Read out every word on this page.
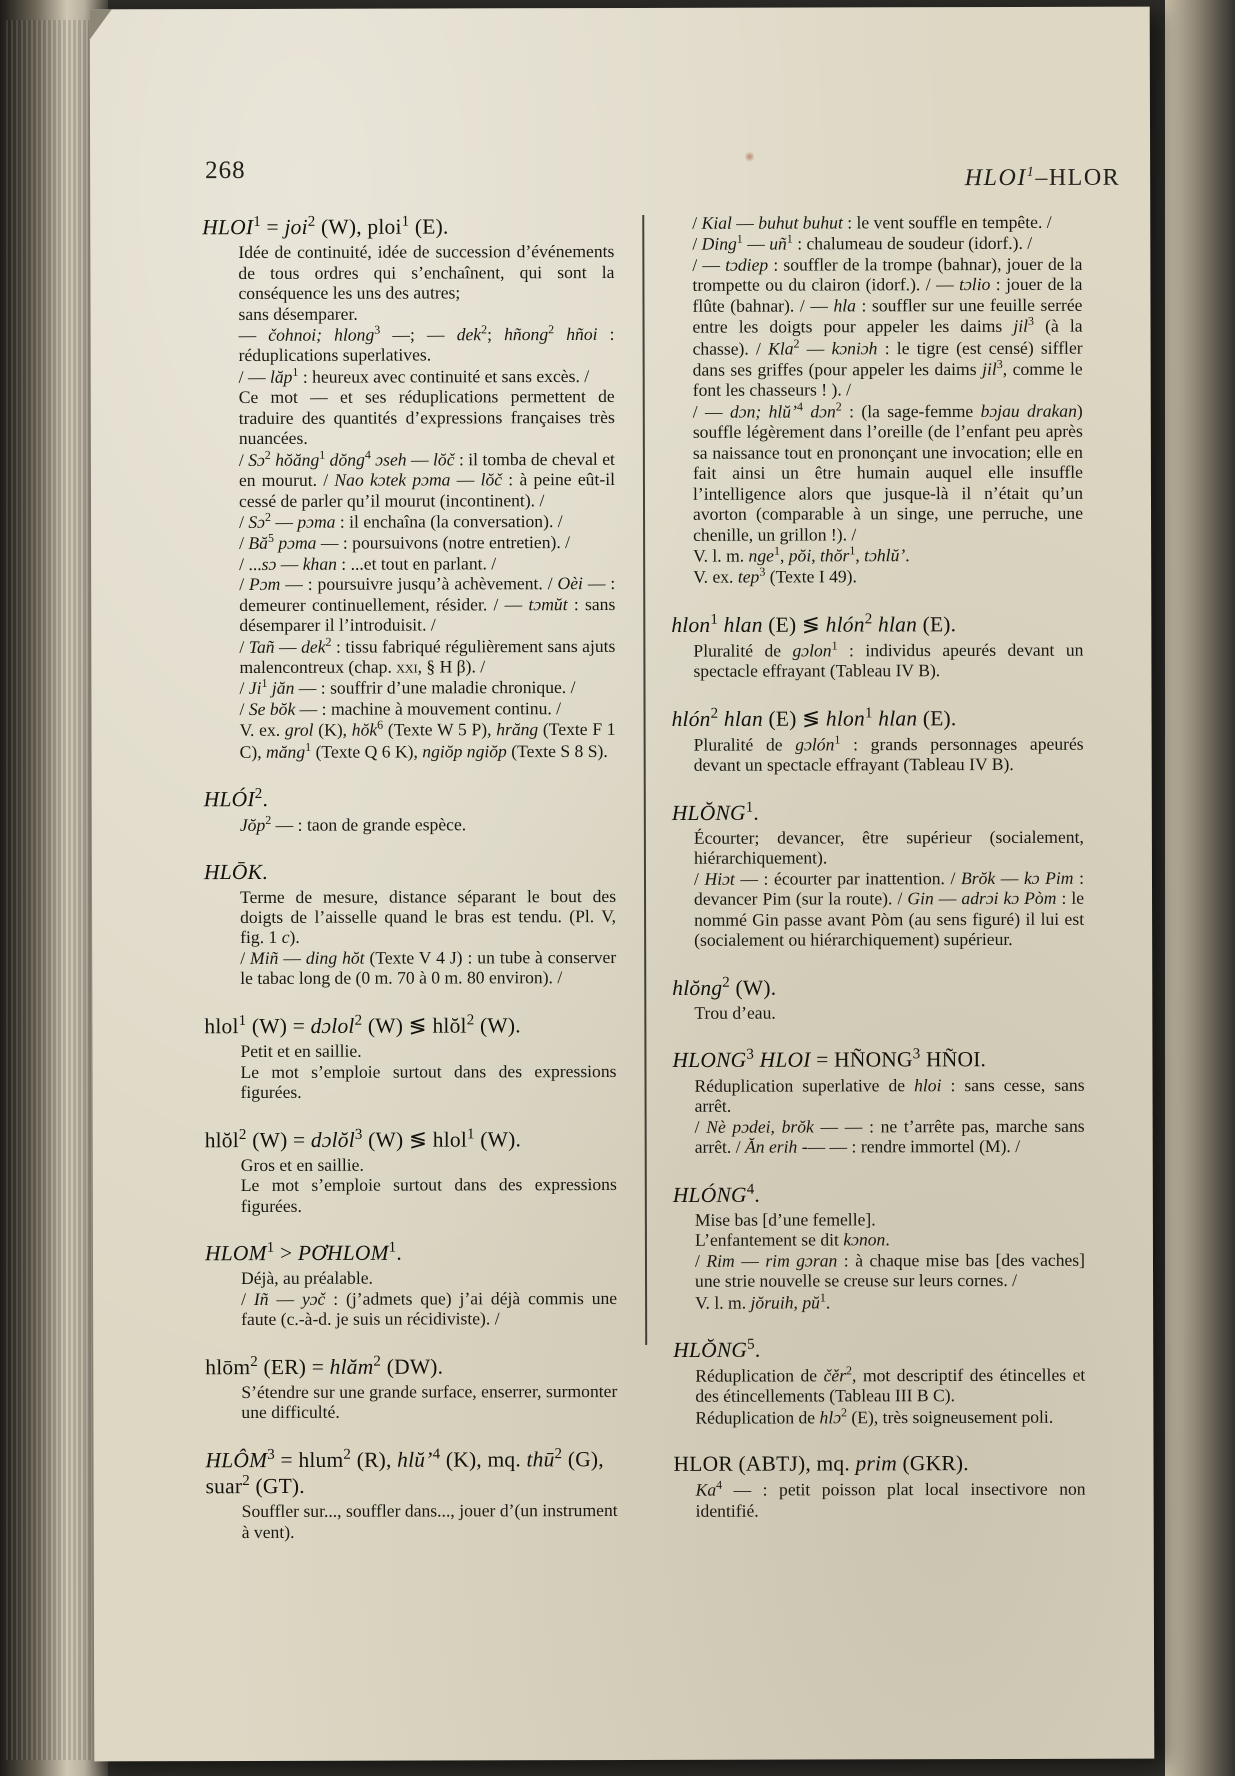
268	HLOI$^1$–HLOR
$HLOI^1 = joi^2$ (W), ploi$^1$ (E).
Idée de continuité, idée de succession d’événements de tous ordres qui s’enchaînent, qui sont la conséquence les uns des autres;
sans désemparer.
— čohnoi; hlong$^3$ —; — dek$^2$; hñong$^2$ hñoi : réduplications superlatives.
/ — lăp$^1$ : heureux avec continuité et sans excès. /
Ce mot — et ses réduplications permettent de traduire des quantités d’expressions françaises très nuancées.
/ Sɔ$^2$ hŏăng$^1$ dŏng$^4$ ɔseh — lŏč : il tomba de cheval et en mourut. / Nao kɔtek pɔma — lŏč : à peine eût-il cessé de parler qu’il mourut (incontinent). /
/ Sɔ$^2$ — pɔma : il enchaîna (la conversation). /
/ $Bă^5$ pɔma — : poursuivons (notre entretien). /
/ ...sɔ — khan : ...et tout en parlant. /
/ Pɔm — : poursuivre jusqu’à achèvement. / Oèi — : demeurer continuellement, résider. / — tɔmŭt : sans désemparer il l’introduisit. /
/ Tañ — dek$^2$ : tissu fabriqué régulièrement sans ajuts malencontreux (chap. xxi, § H β). /
/ Ji$^1$ jăn — : souffrir d’une maladie chronique. /
/ Se bŏk — : machine à mouvement continu. /
V. ex. grol (K), hŏk$^6$ (Texte W 5 P), hrăng (Texte F 1 C), măng$^1$ (Texte Q 6 K), ngiŏp ngiŏp (Texte S 8 S).
HLÓI$^2$.
Jŏp$^2$ — : taon de grande espèce.
HLŌK.
Terme de mesure, distance séparant le bout des doigts de l’aisselle quand le bras est tendu. (Pl. V, fig. 1 c).
/ Miñ — ding hŏt (Texte V 4 J) : un tube à conserver le tabac long de (0 m. 70 à 0 m. 80 environ). /
hlol$^1$ (W) = dɔlol$^2$ (W) ≶ hlŏl$^2$ (W).
Petit et en saillie.
Le mot s’emploie surtout dans des expressions figurées.
hlŏl$^2$ (W) = dɔlŏl$^3$ (W) ≶ hlol$^1$ (W).
Gros et en saillie.
Le mot s’emploie surtout dans des expressions figurées.
$HLOM^1$ > $PƠHLOM^1$.
Déjà, au préalable.
/ Iñ — yɔč : (j’admets que) j’ai déjà commis une faute (c.-à-d. je suis un récidiviste). /
hlōm$^2$ (ER) = hlăm$^2$ (DW).
S’étendre sur une grande surface, enserrer, surmonter une difficulté.
$HLÔM^3$ = hlum$^2$ (R), hlŭ’$^4$ (K), mq. thū$^2$ (G), suar$^2$ (GT).
Souffler sur..., souffler dans..., jouer d’(un instrument à vent).
/ Kial — buhut buhut : le vent souffle en tempête. /
/ Ding$^1$ — $uñ^1$ : chalumeau de soudeur (idorf.). /
/ — tɔdiep : souffler de la trompe (bahnar), jouer de la trompette ou du clairon (idorf.). / — tɔlio : jouer de la flûte (bahnar). / — hla : souffler sur une feuille serrée entre les doigts pour appeler les daims jil$^3$ (à la chasse). / Kla$^2$ — kɔniɔh : le tigre (est censé) siffler dans ses griffes (pour appeler les daims jil$^3$, comme le font les chasseurs ! ). /
/ — dɔn; hlŭ’$^4$ dɔn$^2$ : (la sage-femme bɔjau drakan) souffle légèrement dans l’oreille (de l’enfant peu après sa naissance tout en prononçant une invocation; elle en fait ainsi un être humain auquel elle insuffle l’intelligence alors que jusque-là il n’était qu’un avorton (comparable à un singe, une perruche, une chenille, un grillon !). /
V. l. m. nge$^1$, pŏi, thŏr$^1$, tɔhlŭ’.
V. ex. tep$^3$ (Texte I 49).
hlon$^1$ hlan (E) ≶ hlón$^2$ hlan (E).
Pluralité de gɔlon$^1$ : individus apeurés devant un spectacle effrayant (Tableau IV B).
hlón$^2$ hlan (E) ≶ hlon$^1$ hlan (E).
Pluralité de gɔlón$^1$ : grands personnages apeurés devant un spectacle effrayant (Tableau IV B).
HLŎNG$^1$.
Écourter; devancer, être supérieur (socialement, hiérarchiquement).
/ Hiɔt — : écourter par inattention. / Brŏk — kɔ Pim : devancer Pim (sur la route). / Gin — adrɔi kɔ Pòm : le nommé Gin passe avant Pòm (au sens figuré) il lui est (socialement ou hiérarchiquement) supérieur.
hlŏng$^2$ (W).
Trou d’eau.
HLONG$^3$ HLOI = $HÑONG^3$ HÑOI.
Réduplication superlative de hloi : sans cesse, sans arrêt.
/ Nè pɔdei, brŏk — — : ne t’arrête pas, marche sans arrêt. / Ăn erih -— — : rendre immortel (M). /
HLÓNG$^4$.
Mise bas [d’une femelle].
L’enfantement se dit kɔnon.
/ Rim — rim gɔran : à chaque mise bas [des vaches] une strie nouvelle se creuse sur leurs cornes. /
V. l. m. jŏruih, $pŭ^1$.
HLŎNG$^5$.
Réduplication de čěr$^2$, mot descriptif des étincelles et des étincellements (Tableau III B C).
Réduplication de hlɔ$^2$ (E), très soigneusement poli.
HLOR (ABTJ), mq. prim (GKR).
Ka$^4$ — : petit poisson plat local insectivore non identifié.
